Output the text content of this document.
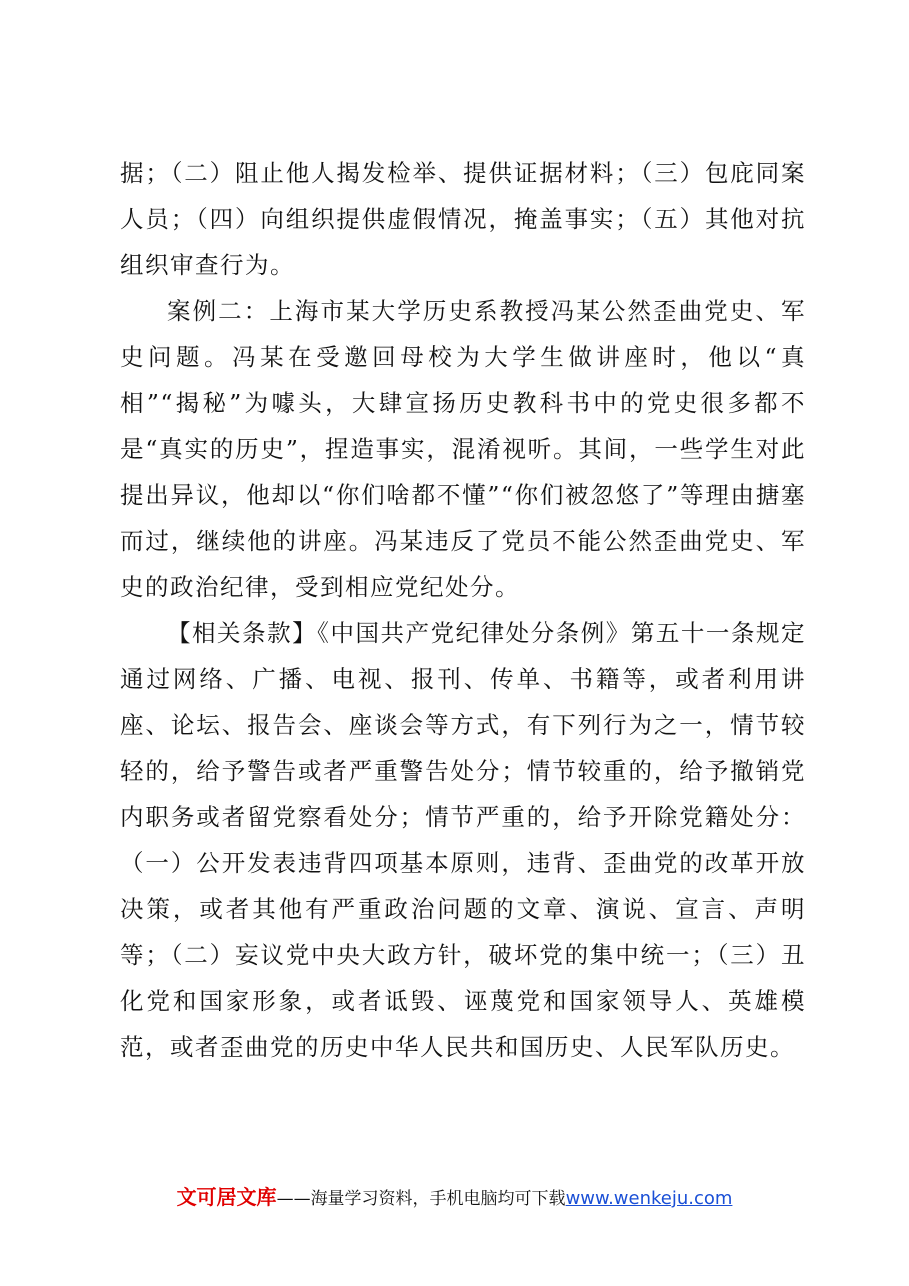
据；（二）阻止他人揭发检举、提供证据材料；（三）包庇同案人员；（四）向组织提供虚假情况，掩盖事实；（五）其他对抗组织审查行为。

案例二：上海市某大学历史系教授冯某公然歪曲党史、军史问题。冯某在受邀回母校为大学生做讲座时，他以“真相”“揭秘”为噱头，大肆宣扬历史教科书中的党史很多都不是“真实的历史”，捏造事实，混淆视听。其间，一些学生对此提出异议，他却以“你们啥都不懂”“你们被忽悠了”等理由搪塞而过，继续他的讲座。冯某违反了党员不能公然歪曲党史、军史的政治纪律，受到相应党纪处分。

【相关条款】《中国共产党纪律处分条例》第五十一条规定通过网络、广播、电视、报刊、传单、书籍等，或者利用讲座、论坛、报告会、座谈会等方式，有下列行为之一，情节较轻的，给予警告或者严重警告处分；情节较重的，给予撤销党内职务或者留党察看处分；情节严重的，给予开除党籍处分：（一）公开发表违背四项基本原则，违背、歪曲党的改革开放决策，或者其他有严重政治问题的文章、演说、宣言、声明等；（二）妄议党中央大政方针，破坏党的集中统一；（三）丑化党和国家形象，或者诋毁、诬蔑党和国家领导人、英雄模范，或者歪曲党的历史中华人民共和国历史、人民军队历史。

文可居文库——海量学习资料，手机电脑均可下载www.wenkeju.com
